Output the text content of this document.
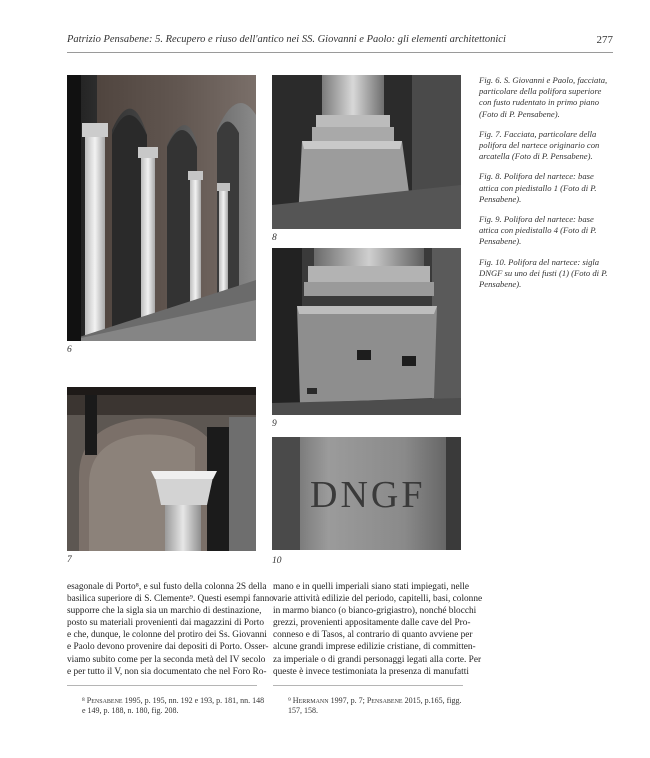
Patrizio Pensabene: 5. Recupero e riuso dell'antico nei SS. Giovanni e Paolo: gli elementi architettonici	277
6
8
9
7
DNGF
10

Fig. 6. S. Giovanni e Paolo, facciata, particolare della polifora superiore con fusto rudentato in primo piano (Foto di P. Pensabene).

Fig. 7. Facciata, particolare della polifora del nartece originario con arcatella (Foto di P. Pensabene).

Fig. 8. Polifora del nartece: base attica con piedistallo 1 (Foto di P. Pensabene).

Fig. 9. Polifora del nartece: base attica con piedistallo 4 (Foto di P. Pensabene).

Fig. 10. Polifora del nartece: sigla DNGF su uno dei fusti (1) (Foto di P. Pensabene).

esagonale di Porto⁸, e sul fusto della colonna 2S della
basilica superiore di S. Clemente⁹. Questi esempi fanno
supporre che la sigla sia un marchio di destinazione,
posto su materiali provenienti dai magazzini di Porto
e che, dunque, le colonne del protiro dei Ss. Giovanni
e Paolo devono provenire dai depositi di Porto. Osser-
viamo subito come per la seconda metà del IV secolo
e per tutto il V, non sia documentato che nel Foro Ro-
mano e in quelli imperiali siano stati impiegati, nelle
varie attività edilizie del periodo, capitelli, basi, colonne
in marmo bianco (o bianco-grigiastro), nonché blocchi
grezzi, provenienti appositamente dalle cave del Pro-
conneso e di Tasos, al contrario di quanto avviene per
alcune grandi imprese edilizie cristiane, di committen-
za imperiale o di grandi personaggi legati alla corte. Per
queste è invece testimoniata la presenza di manufatti
⁸ Pensabene 1995, p. 195, nn. 192 e 193, p. 181, nn. 148 e 149, p. 188, n. 180, fig. 208.
⁹ Herrmann 1997, p. 7; Pensabene 2015, p.165, figg. 157, 158.
